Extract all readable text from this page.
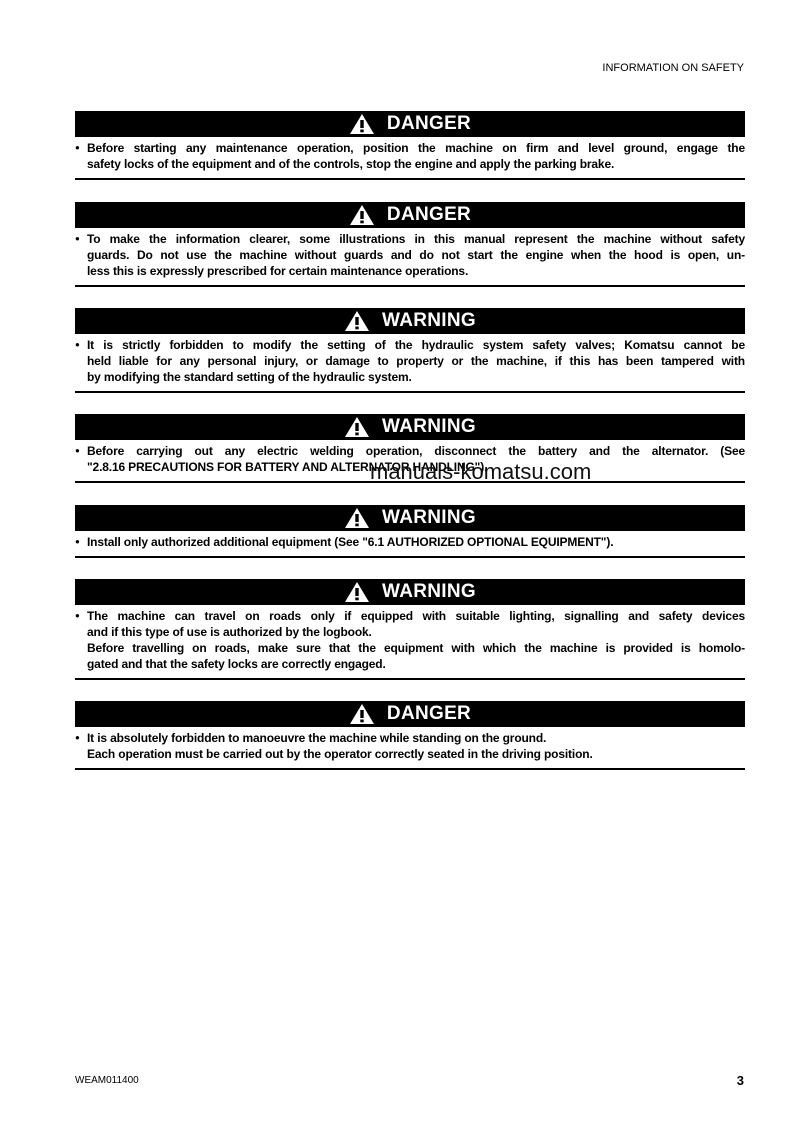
INFORMATION ON SAFETY
DANGER
● Before starting any maintenance operation, position the machine on firm and level ground, engage the
safety locks of the equipment and of the controls, stop the engine and apply the parking brake.
DANGER
● To make the information clearer, some illustrations in this manual represent the machine without safety
guards. Do not use the machine without guards and do not start the engine when the hood is open, un-
less this is expressly prescribed for certain maintenance operations.
WARNING
● It is strictly forbidden to modify the setting of the hydraulic system safety valves; Komatsu cannot be
held liable for any personal injury, or damage to property or the machine, if this has been tampered with
by modifying the standard setting of the hydraulic system.
WARNING
● Before carrying out any electric welding operation, disconnect the battery and the alternator. (See
"2.8.16 PRECAUTIONS FOR BATTERY AND ALTERNATOR HANDLING").
WARNING
● Install only authorized additional equipment (See "6.1 AUTHORIZED OPTIONAL EQUIPMENT").
WARNING
● The machine can travel on roads only if equipped with suitable lighting, signalling and safety devices
and if this type of use is authorized by the logbook.
Before travelling on roads, make sure that the equipment with which the machine is provided is homolo-
gated and that the safety locks are correctly engaged.
DANGER
● It is absolutely forbidden to manoeuvre the machine while standing on the ground.
Each operation must be carried out by the operator correctly seated in the driving position.
manuals-komatsu.com
WEAM011400	3
